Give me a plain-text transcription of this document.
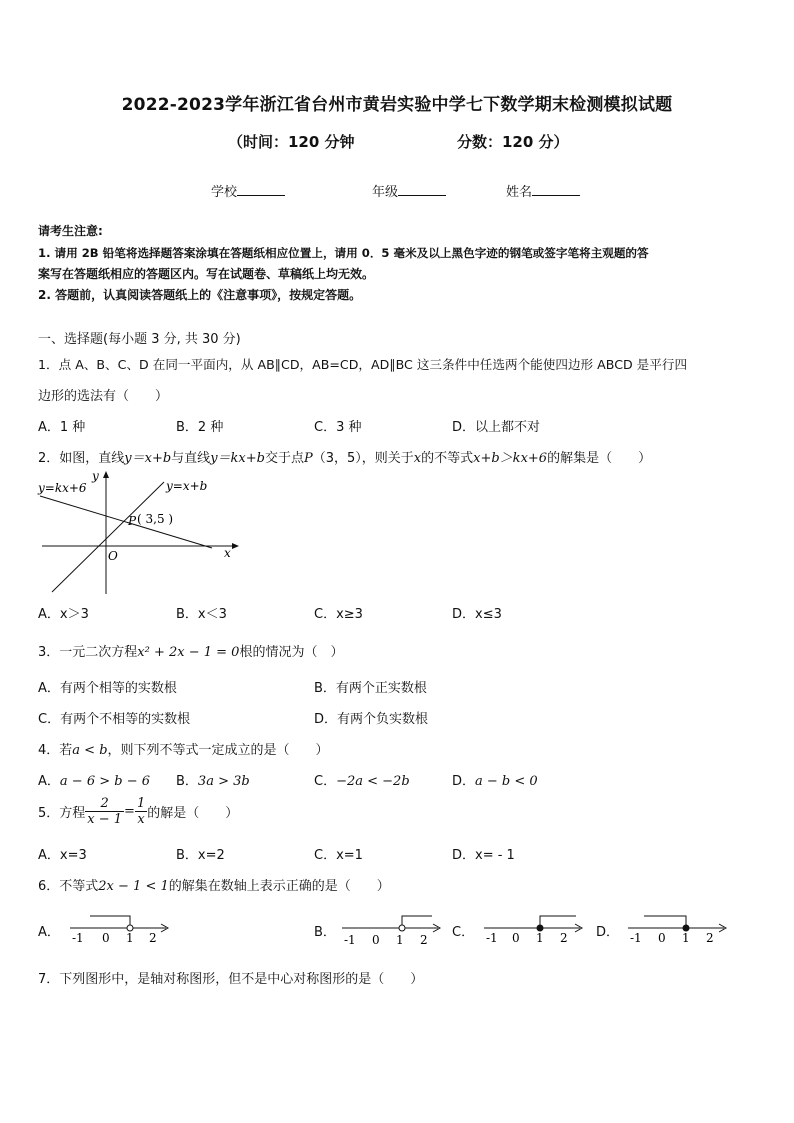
2022-2023学年浙江省台州市黄岩实验中学七下数学期末检测模拟试题
（时间：120 分钟	分数：120 分）
学校	年级	姓名
请考生注意:
1. 请用 2B 铅笔将选择题答案涂填在答题纸相应位置上，请用 0．5 毫米及以上黑色字迹的钢笔或签字笔将主观题的答
案写在答题纸相应的答题区内。写在试题卷、草稿纸上均无效。
2. 答题前，认真阅读答题纸上的《注意事项》，按规定答题。
一、选择题(每小题 3 分, 共 30 分)
1．点 A、B、C、D 在同一平面内，从 AB∥CD，AB=CD，AD∥BC 这三条件中任选两个能使四边形 ABCD 是平行四
边形的选法有（　　）
A．1 种	B．2 种	C．3 种	D．以上都不对
2．如图，直线y＝x+b与直线y＝kx+b交于点P（3，5），则关于x的不等式x+b＞kx+6的解集是（　　）
y=kx+6	y=x+b
P ( 3,5 )
O	x
y
A．x＞3	B．x＜3	C．x≥3	D．x≤3
3．一元二次方程x² + 2x − 1 = 0根的情况为（　）
A．有两个相等的实数根	B．有两个正实数根
C．有两个不相等的实数根	D．有两个负实数根
4．若a < b，则下列不等式一定成立的是（　　）
A．a − 6 > b − 6 B．3a > 3b	C．−2a < −2b	D．a − b < 0
5．方程 $\frac{2}{x - 1} = \frac{1}{x}$ 的解是（　　）
A．x=3	B．x=2	C．x=1	D．x= - 1
6．不等式2x − 1 < 1的解集在数轴上表示正确的是（　　）
A． -1 0 1 2	B． -1 0 1 2 C． -1 0 1 2 D． -1 0 1 2
7．下列图形中，是轴对称图形，但不是中心对称图形的是（　　）
